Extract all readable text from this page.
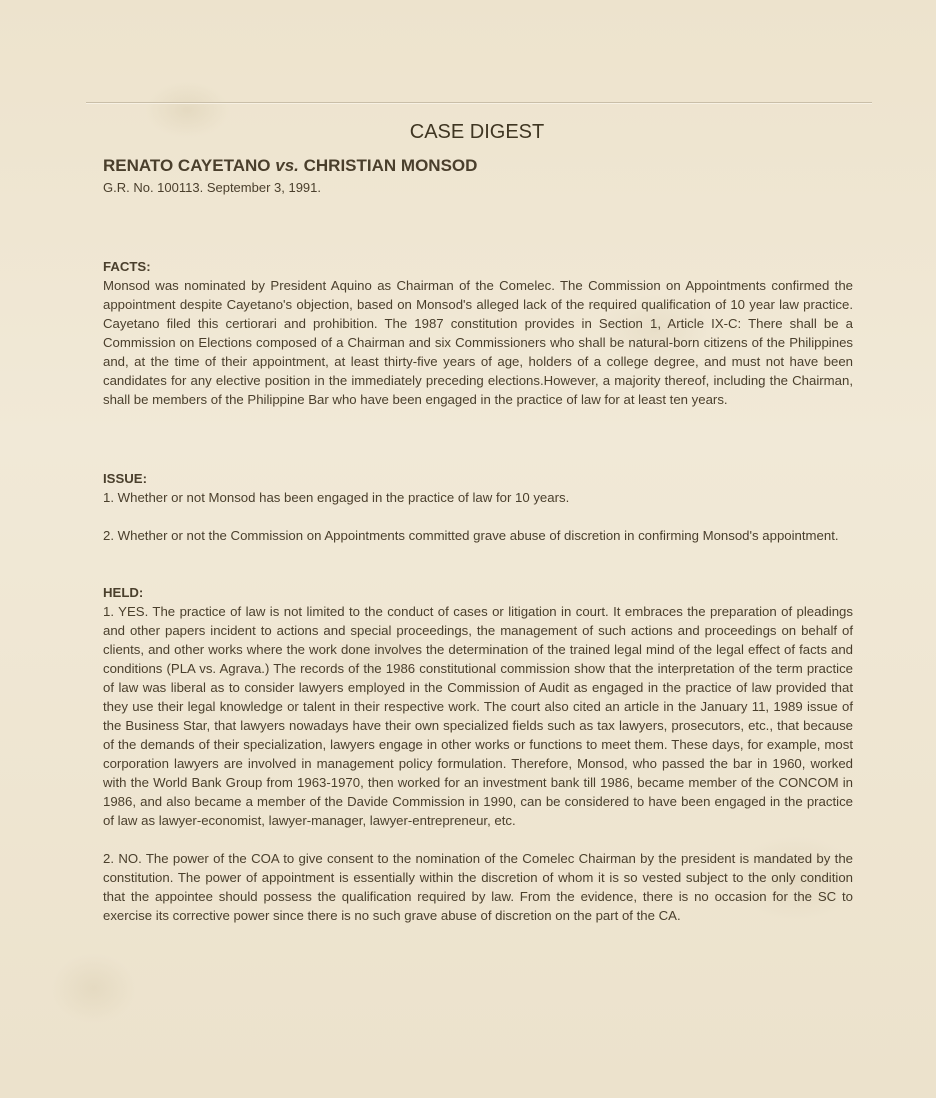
CASE DIGEST
RENATO CAYETANO vs. CHRISTIAN MONSOD
G.R. No. 100113. September 3, 1991.
FACTS:

Monsod was nominated by President Aquino as Chairman of the Comelec. The Commission on Appointments confirmed the appointment despite Cayetano's objection, based on Monsod's alleged lack of the required qualification of 10 year law practice. Cayetano filed this certiorari and prohibition. The 1987 constitution provides in Section 1, Article IX-C: There shall be a Commission on Elections composed of a Chairman and six Commissioners who shall be natural-born citizens of the Philippines and, at the time of their appointment, at least thirty-five years of age, holders of a college degree, and must not have been candidates for any elective position in the immediately preceding elections.However, a majority thereof, including the Chairman, shall be members of the Philippine Bar who have been engaged in the practice of law for at least ten years.

ISSUE:

1. Whether or not Monsod has been engaged in the practice of law for 10 years.

2. Whether or not the Commission on Appointments committed grave abuse of discretion in confirming Monsod's appointment.

HELD:

1. YES. The practice of law is not limited to the conduct of cases or litigation in court. It embraces the preparation of pleadings and other papers incident to actions and special proceedings, the management of such actions and proceedings on behalf of clients, and other works where the work done involves the determination of the trained legal mind of the legal effect of facts and conditions (PLA vs. Agrava.) The records of the 1986 constitutional commission show that the interpretation of the term practice of law was liberal as to consider lawyers employed in the Commission of Audit as engaged in the practice of law provided that they use their legal knowledge or talent in their respective work. The court also cited an article in the January 11, 1989 issue of the Business Star, that lawyers nowadays have their own specialized fields such as tax lawyers, prosecutors, etc., that because of the demands of their specialization, lawyers engage in other works or functions to meet them. These days, for example, most corporation lawyers are involved in management policy formulation. Therefore, Monsod, who passed the bar in 1960, worked with the World Bank Group from 1963-1970, then worked for an investment bank till 1986, became member of the CONCOM in 1986, and also became a member of the Davide Commission in 1990, can be considered to have been engaged in the practice of law as lawyer-economist, lawyer-manager, lawyer-entrepreneur, etc.

2. NO. The power of the COA to give consent to the nomination of the Comelec Chairman by the president is mandated by the constitution. The power of appointment is essentially within the discretion of whom it is so vested subject to the only condition that the appointee should possess the qualification required by law. From the evidence, there is no occasion for the SC to exercise its corrective power since there is no such grave abuse of discretion on the part of the CA.
